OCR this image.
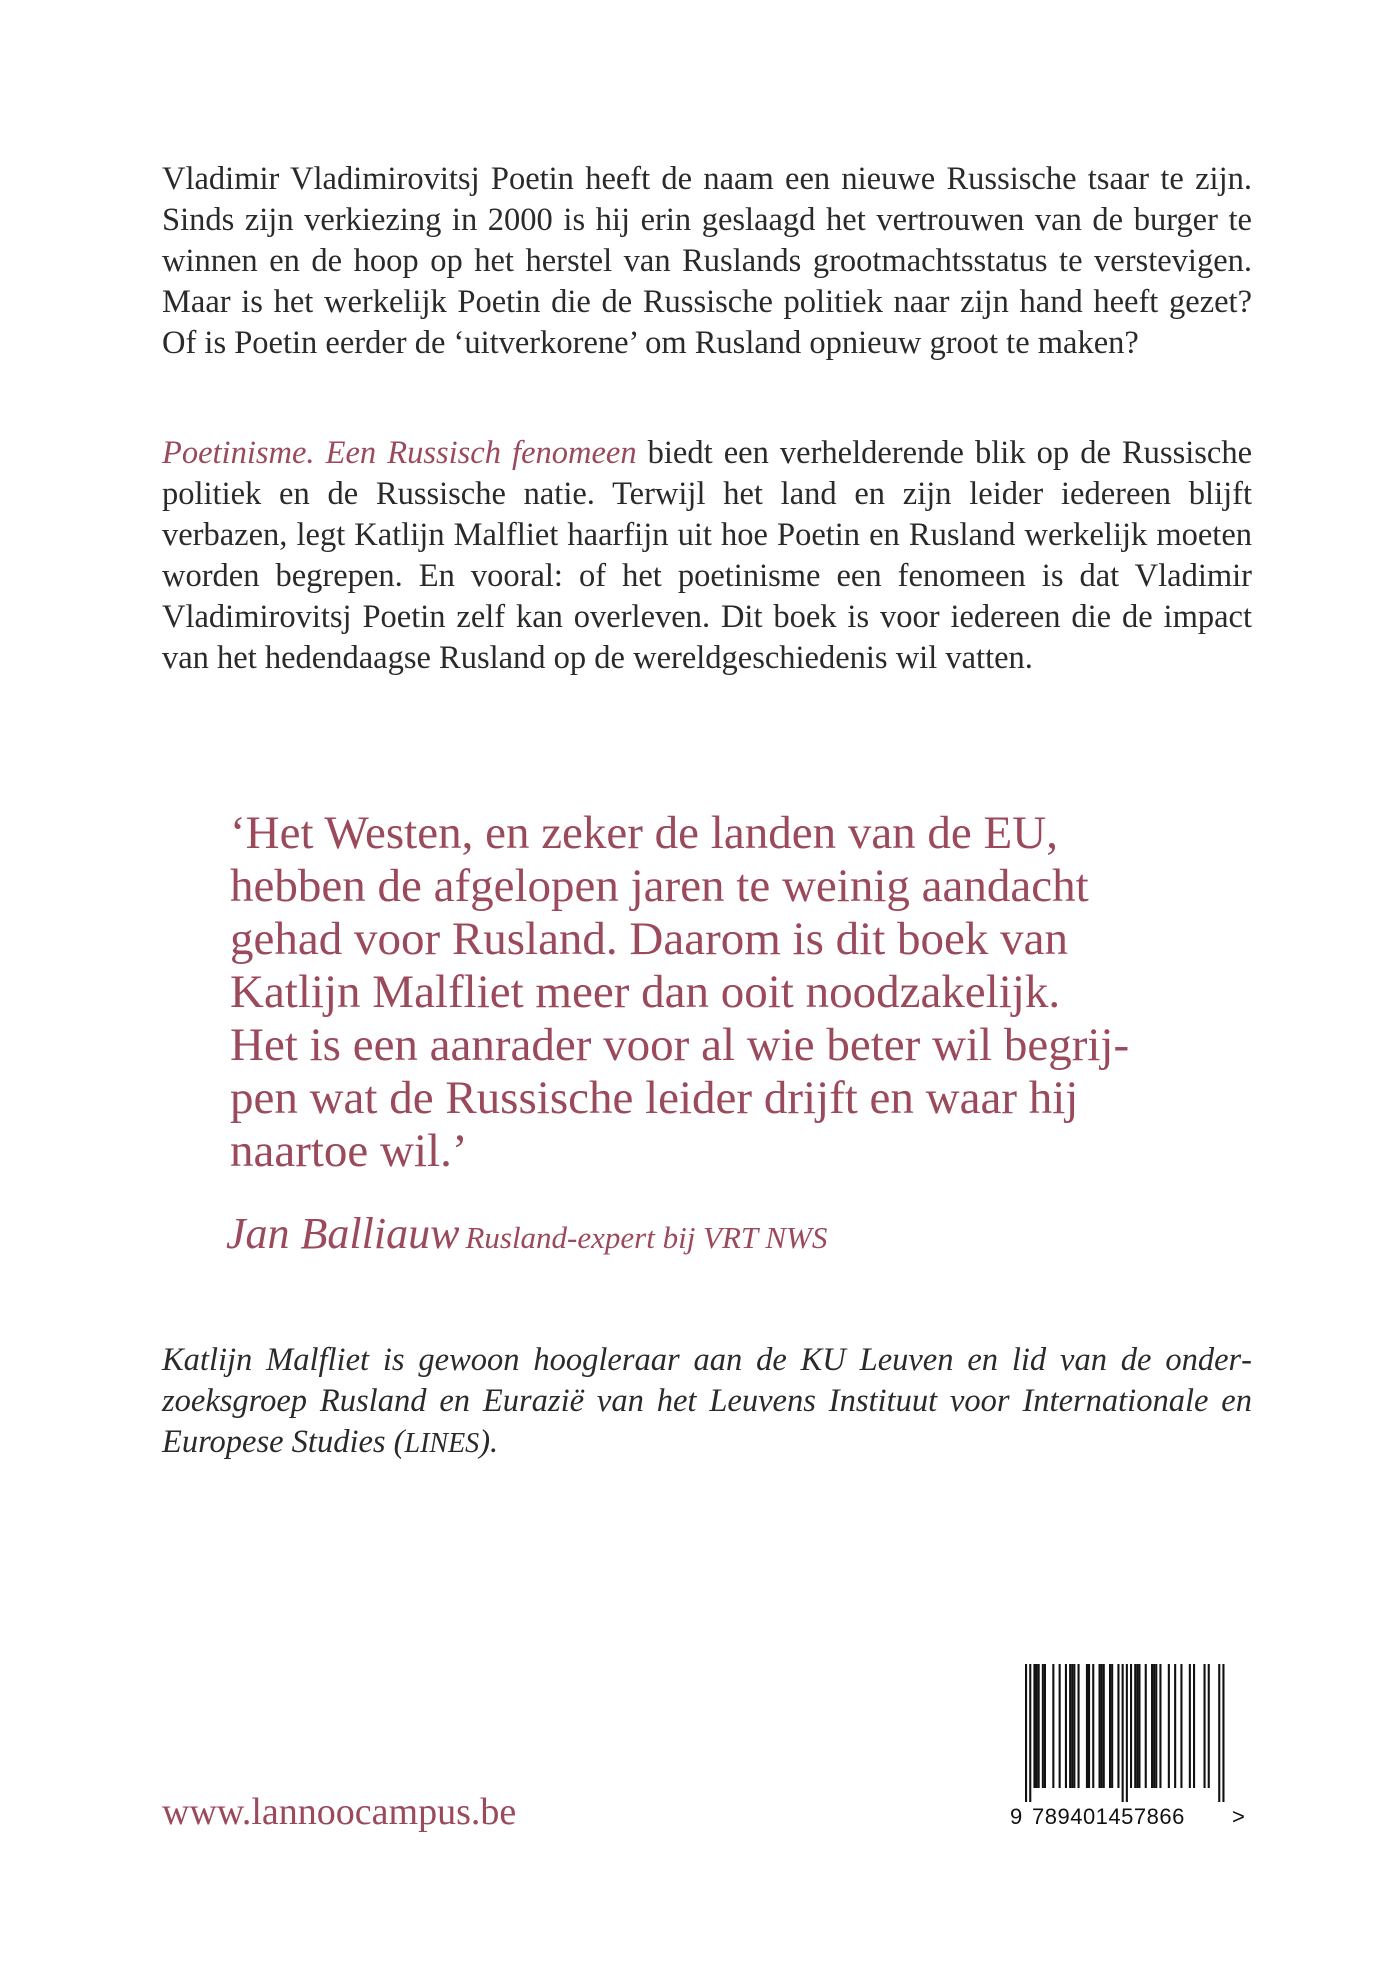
Vladimir Vladimirovitsj Poetin heeft de naam een nieuwe Russische tsaar te zijn. Sinds zijn verkiezing in 2000 is hij erin geslaagd het vertrouwen van de burger te winnen en de hoop op het herstel van Ruslands grootmachtsstatus te verstevigen. Maar is het werkelijk Poetin die de Russische politiek naar zijn hand heeft gezet? Of is Poetin eerder de ‘uitverkorene’ om Rusland opnieuw groot te maken?

Poetinisme. Een Russisch fenomeen biedt een verhelderende blik op de Russische politiek en de Russische natie. Terwijl het land en zijn leider iedereen blijft verbazen, legt Katlijn Malfliet haarfijn uit hoe Poetin en Rusland werkelijk moeten worden begrepen. En vooral: of het poetinisme een fenomeen is dat Vladimir Vladimirovitsj Poetin zelf kan overleven. Dit boek is voor iedereen die de impact van het hedendaagse Rusland op de wereldgeschiedenis wil vatten.

‘Het Westen, en zeker de landen van de EU,
hebben de afgelopen jaren te weinig aandacht
gehad voor Rusland. Daarom is dit boek van
Katlijn Malfliet meer dan ooit noodzakelijk.
Het is een aanrader voor al wie beter wil begrij-
pen wat de Russische leider drijft en waar hij
naartoe wil.’

Jan Balliauw Rusland-expert bij VRT NWS

Katlijn Malfliet is gewoon hoogleraar aan de KU Leuven en lid van de onderzoeksgroep Rusland en Eurazië van het Leuvens Instituut voor Internationale en Europese Studies (LINES).

www.lannoocampus.be	9 789401457866 >
